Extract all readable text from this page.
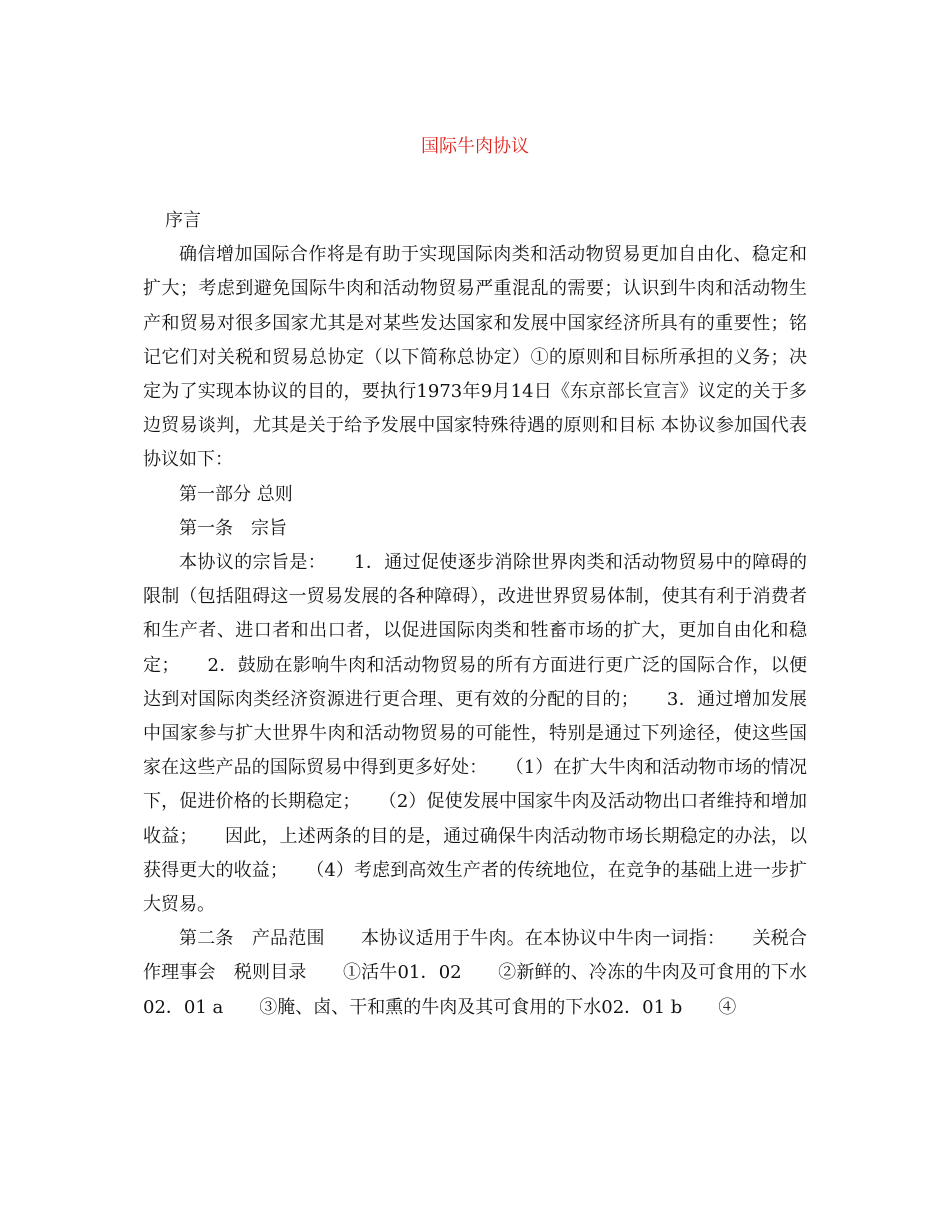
国际牛肉协议

序言

确信增加国际合作将是有助于实现国际肉类和活动物贸易更加自由化、稳定和扩大；考虑到避免国际牛肉和活动物贸易严重混乱的需要；认识到牛肉和活动物生产和贸易对很多国家尤其是对某些发达国家和发展中国家经济所具有的重要性；铭记它们对关税和贸易总协定（以下简称总协定）①的原则和目标所承担的义务；决定为了实现本协议的目的，要执行1973年9月14日《东京部长宣言》议定的关于多边贸易谈判，尤其是关于给予发展中国家特殊待遇的原则和目标 本协议参加国代表协议如下：

第一部分 总则

第一条　宗旨

本协议的宗旨是：　　1．通过促使逐步消除世界肉类和活动物贸易中的障碍的限制（包括阻碍这一贸易发展的各种障碍），改进世界贸易体制，使其有利于消费者和生产者、进口者和出口者，以促进国际肉类和牲畜市场的扩大，更加自由化和稳定；　　2．鼓励在影响牛肉和活动物贸易的所有方面进行更广泛的国际合作，以便达到对国际肉类经济资源进行更合理、更有效的分配的目的；　　3．通过增加发展中国家参与扩大世界牛肉和活动物贸易的可能性，特别是通过下列途径，使这些国家在这些产品的国际贸易中得到更多好处：　　（1）在扩大牛肉和活动物市场的情况下，促进价格的长期稳定；　　（2）促使发展中国家牛肉及活动物出口者维持和增加收益；　　因此，上述两条的目的是，通过确保牛肉活动物市场长期稳定的办法，以获得更大的收益；　　（4）考虑到高效生产者的传统地位，在竞争的基础上进一步扩大贸易。

第二条　产品范围　　本协议适用于牛肉。在本协议中牛肉一词指：　　关税合作理事会　税则目录　　①活牛01．02　　②新鲜的、冷冻的牛肉及可食用的下水02．01 a　　③腌、卤、干和熏的牛肉及其可食用的下水02．01 b　　④
